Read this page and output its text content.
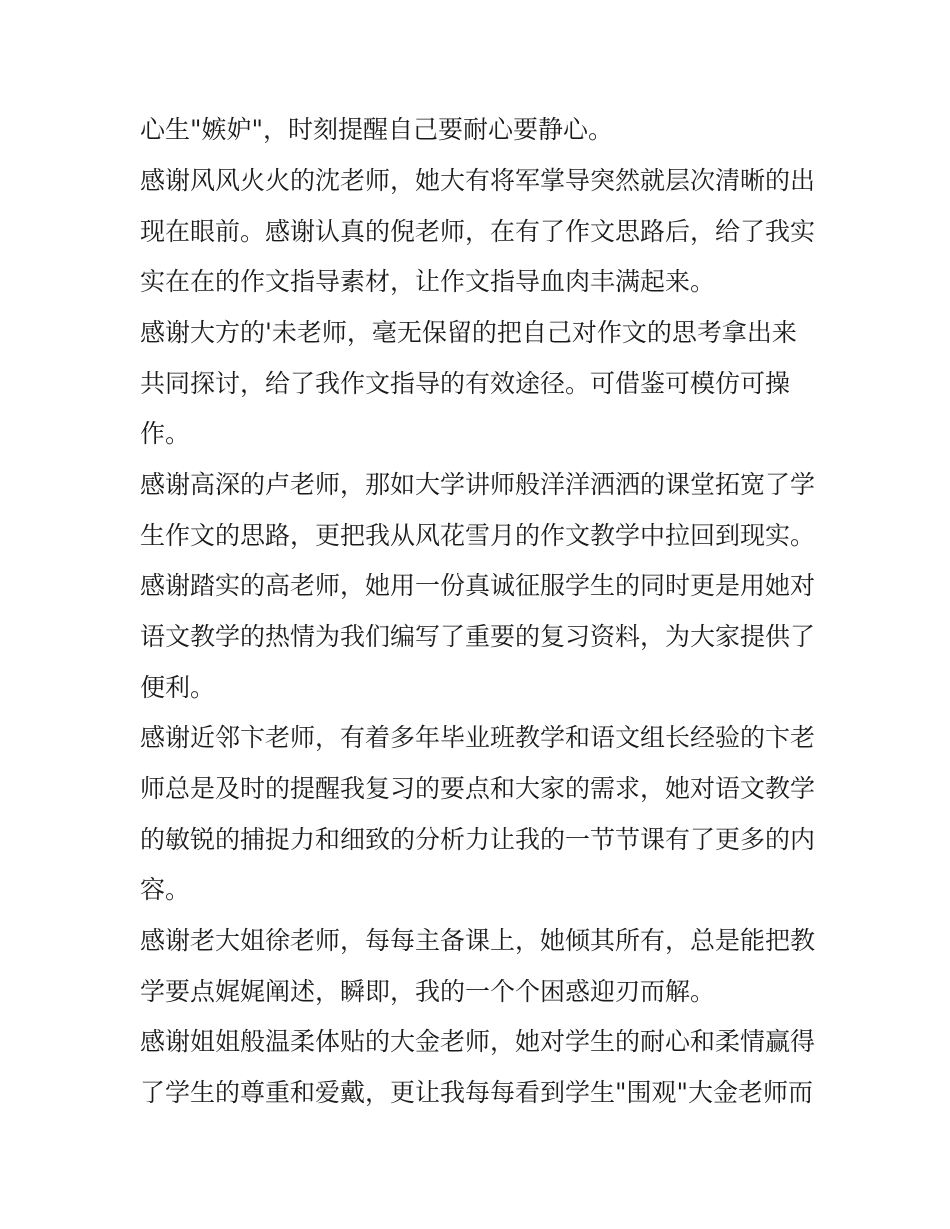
心生"嫉妒"，时刻提醒自己要耐心要静心。

感谢风风火火的沈老师，她大有将军掌导突然就层次清晰的出

现在眼前。感谢认真的倪老师，在有了作文思路后，给了我实

实在在的作文指导素材，让作文指导血肉丰满起来。

感谢大方的'未老师，毫无保留的把自己对作文的思考拿出来

共同探讨，给了我作文指导的有效途径。可借鉴可模仿可操

作。

感谢高深的卢老师，那如大学讲师般洋洋洒洒的课堂拓宽了学

生作文的思路，更把我从风花雪月的作文教学中拉回到现实。

感谢踏实的高老师，她用一份真诚征服学生的同时更是用她对

语文教学的热情为我们编写了重要的复习资料，为大家提供了

便利。

感谢近邻卞老师，有着多年毕业班教学和语文组长经验的卞老

师总是及时的提醒我复习的要点和大家的需求，她对语文教学

的敏锐的捕捉力和细致的分析力让我的一节节课有了更多的内

容。

感谢老大姐徐老师，每每主备课上，她倾其所有，总是能把教

学要点娓娓阐述，瞬即，我的一个个困惑迎刃而解。

感谢姐姐般温柔体贴的大金老师，她对学生的耐心和柔情赢得

了学生的尊重和爱戴，更让我每每看到学生"围观"大金老师而
